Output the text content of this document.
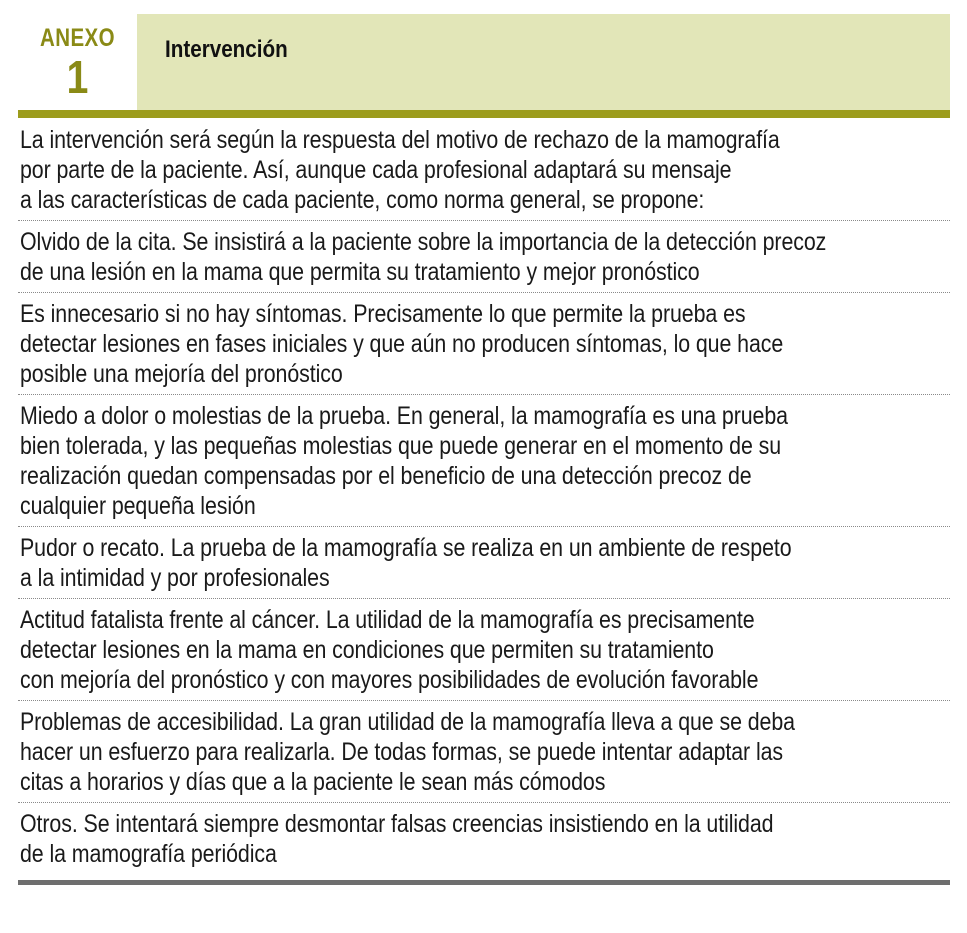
ANEXO
1
Intervención
La intervención será según la respuesta del motivo de rechazo de la mamografía
por parte de la paciente. Así, aunque cada profesional adaptará su mensaje
a las características de cada paciente, como norma general, se propone:
Olvido de la cita. Se insistirá a la paciente sobre la importancia de la detección precoz
de una lesión en la mama que permita su tratamiento y mejor pronóstico
Es innecesario si no hay síntomas. Precisamente lo que permite la prueba es
detectar lesiones en fases iniciales y que aún no producen síntomas, lo que hace
posible una mejoría del pronóstico
Miedo a dolor o molestias de la prueba. En general, la mamografía es una prueba
bien tolerada, y las pequeñas molestias que puede generar en el momento de su
realización quedan compensadas por el beneficio de una detección precoz de
cualquier pequeña lesión
Pudor o recato. La prueba de la mamografía se realiza en un ambiente de respeto
a la intimidad y por profesionales
Actitud fatalista frente al cáncer. La utilidad de la mamografía es precisamente
detectar lesiones en la mama en condiciones que permiten su tratamiento
con mejoría del pronóstico y con mayores posibilidades de evolución favorable
Problemas de accesibilidad. La gran utilidad de la mamografía lleva a que se deba
hacer un esfuerzo para realizarla. De todas formas, se puede intentar adaptar las
citas a horarios y días que a la paciente le sean más cómodos
Otros. Se intentará siempre desmontar falsas creencias insistiendo en la utilidad
de la mamografía periódica
